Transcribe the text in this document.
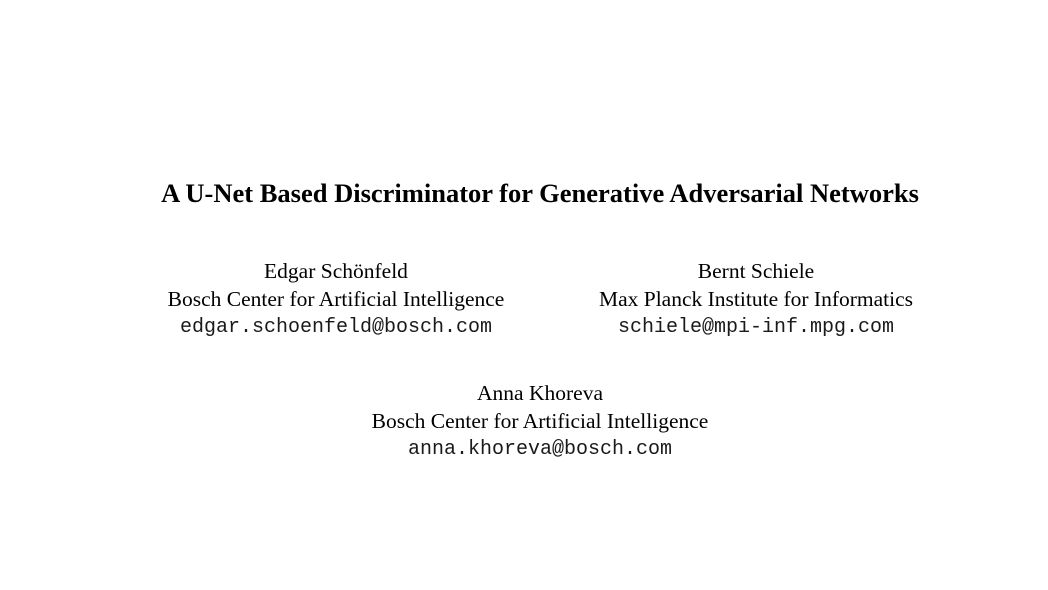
A U-Net Based Discriminator for Generative Adversarial Networks
Edgar Schönfeld
Bosch Center for Artificial Intelligence
edgar.schoenfeld@bosch.com
Bernt Schiele
Max Planck Institute for Informatics
schiele@mpi-inf.mpg.com
Anna Khoreva
Bosch Center for Artificial Intelligence
anna.khoreva@bosch.com
